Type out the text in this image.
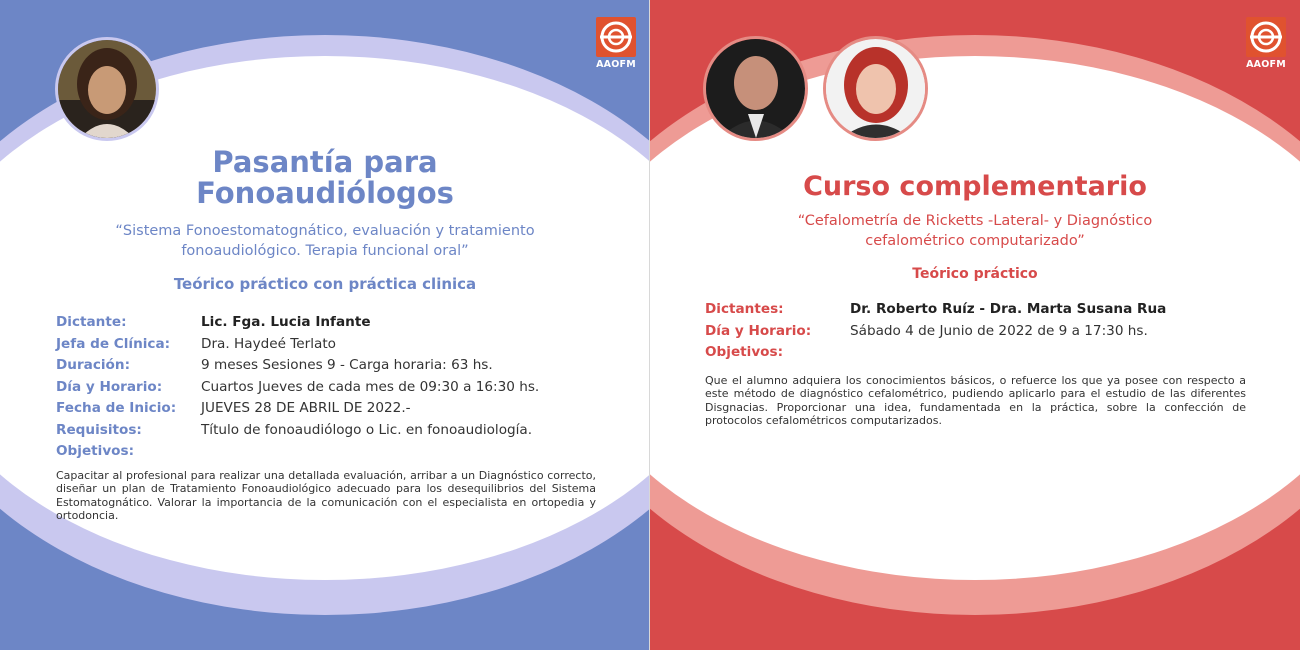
AAOFM
Pasantía para
Fonoaudiólogos
“Sistema Fonoestomatognático, evaluación y tratamiento
fonoaudiológico. Terapia funcional oral”
Teórico práctico con práctica clinica
Dictante:	Lic. Fga. Lucia Infante
Jefa de Clínica: Dra. Haydeé Terlato
Duración:	9 meses Sesiones 9 - Carga horaria: 63 hs.
Día y Horario:	Cuartos Jueves de cada mes de 09:30 a 16:30 hs.
Fecha de Inicio: JUEVES 28 DE ABRIL DE 2022.-
Requisitos:	Título de fonoaudiólogo o Lic. en fonoaudiología.
Objetivos:
Capacitar al profesional para realizar una detallada evaluación, arribar a un Diagnóstico correcto, diseñar un plan de Tratamiento Fonoaudiológico adecuado para los desequilibrios del Sistema Estomatognático. Valorar la importancia de la comunicación con el especialista en ortopedia y ortodoncia.
AAOFM
Curso complementario
“Cefalometría de Ricketts -Lateral- y Diagnóstico
cefalométrico computarizado”
Teórico práctico
Dictantes:	Dr. Roberto Ruíz - Dra. Marta Susana Rua
Día y Horario:	Sábado 4 de Junio de 2022 de 9 a 17:30 hs.
Objetivos:
Que el alumno adquiera los conocimientos básicos, o refuerce los que ya posee con respecto a este método de diagnóstico cefalométrico, pudiendo aplicarlo para el estudio de las diferentes Disgnacias. Proporcionar una idea, fundamentada en la práctica, sobre la confección de protocolos cefalométricos computarizados.
